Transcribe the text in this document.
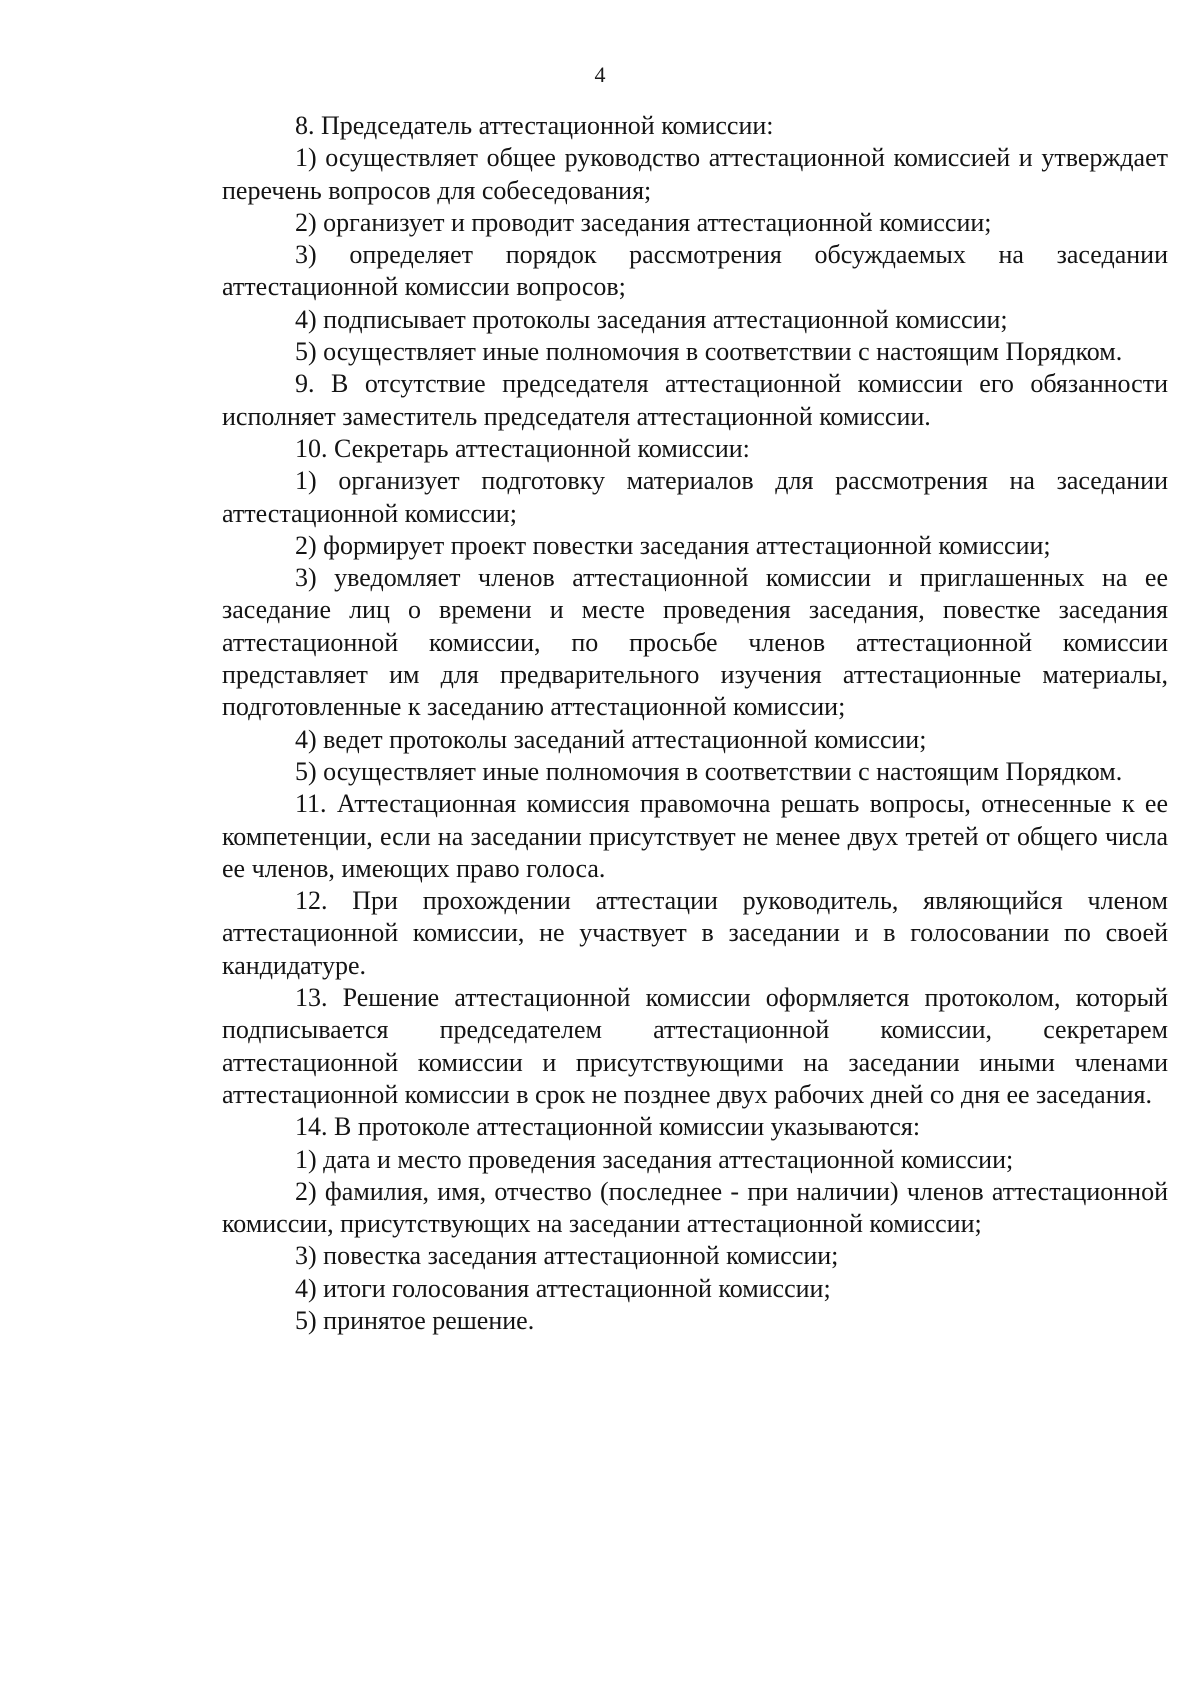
4

8. Председатель аттестационной комиссии:

1) осуществляет общее руководство аттестационной комиссией и утверждает перечень вопросов для собеседования;

2) организует и проводит заседания аттестационной комиссии;

3) определяет порядок рассмотрения обсуждаемых на заседании аттестационной комиссии вопросов;

4) подписывает протоколы заседания аттестационной комиссии;

5) осуществляет иные полномочия в соответствии с настоящим Порядком.

9. В отсутствие председателя аттестационной комиссии его обязанности исполняет заместитель председателя аттестационной комиссии.

10. Секретарь аттестационной комиссии:

1) организует подготовку материалов для рассмотрения на заседании аттестационной комиссии;

2) формирует проект повестки заседания аттестационной комиссии;

3) уведомляет членов аттестационной комиссии и приглашенных на ее заседание лиц о времени и месте проведения заседания, повестке заседания аттестационной комиссии, по просьбе членов аттестационной комиссии представляет им для предварительного изучения аттестационные материалы, подготовленные к заседанию аттестационной комиссии;

4) ведет протоколы заседаний аттестационной комиссии;

5) осуществляет иные полномочия в соответствии с настоящим Порядком.

11. Аттестационная комиссия правомочна решать вопросы, отнесенные к ее компетенции, если на заседании присутствует не менее двух третей от общего числа ее членов, имеющих право голоса.

12. При прохождении аттестации руководитель, являющийся членом аттестационной комиссии, не участвует в заседании и в голосовании по своей кандидатуре.

13. Решение аттестационной комиссии оформляется протоколом, который подписывается председателем аттестационной комиссии, секретарем аттестационной комиссии и присутствующими на заседании иными членами аттестационной комиссии в срок не позднее двух рабочих дней со дня ее заседания.

14. В протоколе аттестационной комиссии указываются:

1) дата и место проведения заседания аттестационной комиссии;

2) фамилия, имя, отчество (последнее - при наличии) членов аттестационной комиссии, присутствующих на заседании аттестационной комиссии;

3) повестка заседания аттестационной комиссии;

4) итоги голосования аттестационной комиссии;

5) принятое решение.
